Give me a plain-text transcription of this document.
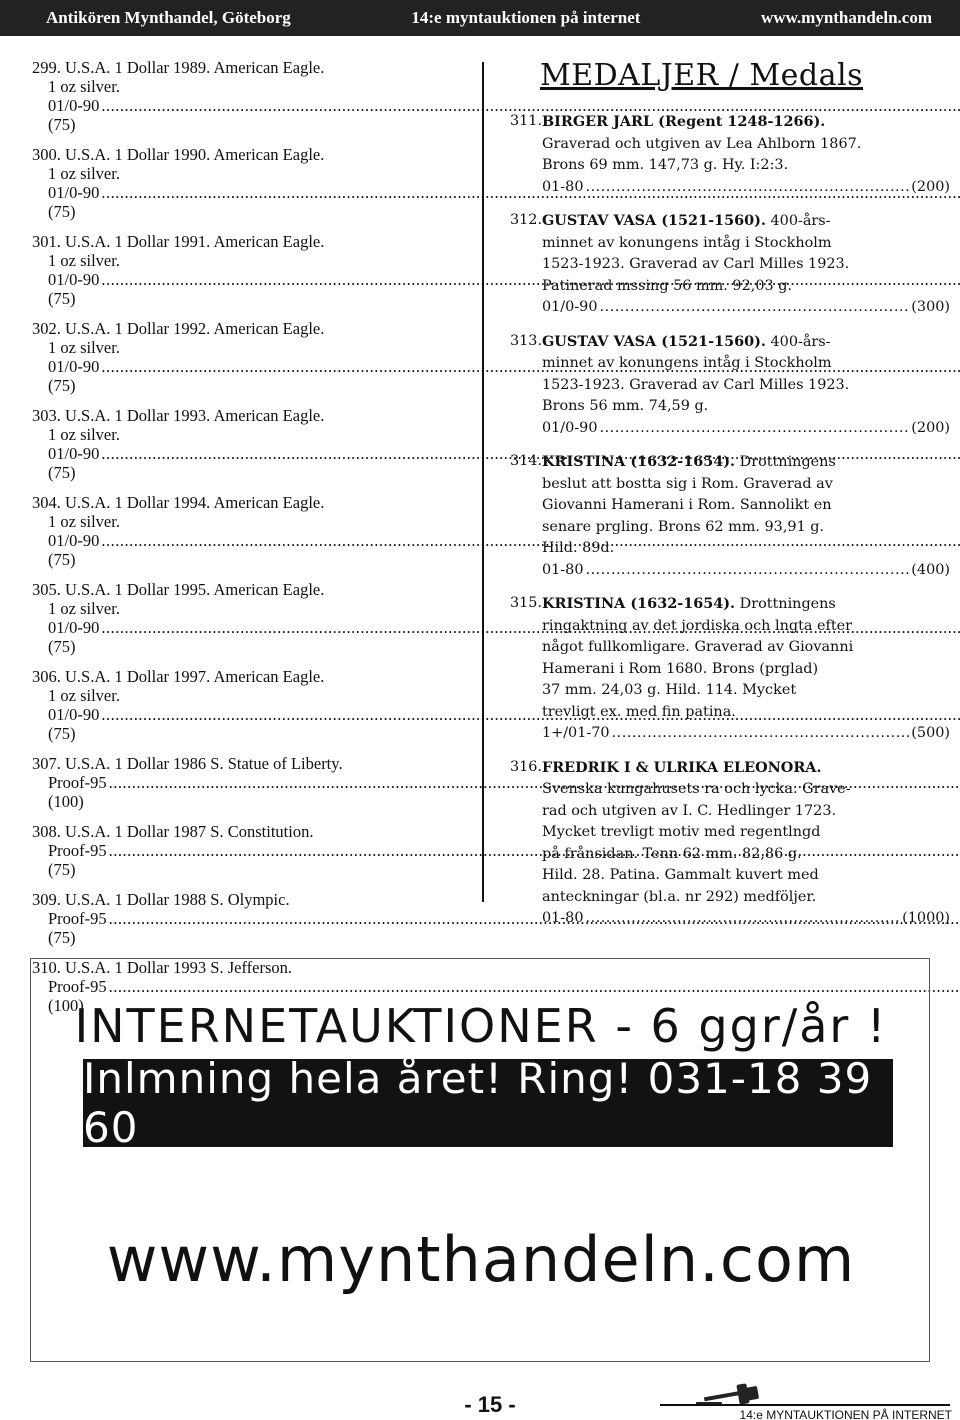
Antikören Mynthandel, Göteborg	14:e myntauktionen på internet	www.mynthandeln.com
299. U.S.A. 1 Dollar 1989. American Eagle.
1 oz silver.
01/0-90..... (75)
300. U.S.A. 1 Dollar 1990. American Eagle.
1 oz silver.
01/0-90..... (75)
301. U.S.A. 1 Dollar 1991. American Eagle.
1 oz silver.
01/0-90..... (75)
302. U.S.A. 1 Dollar 1992. American Eagle.
1 oz silver.
01/0-90..... (75)
303. U.S.A. 1 Dollar 1993. American Eagle.
1 oz silver.
01/0-90..... (75)
304. U.S.A. 1 Dollar 1994. American Eagle.
1 oz silver.
01/0-90..... (75)
305. U.S.A. 1 Dollar 1995. American Eagle.
1 oz silver.
01/0-90..... (75)
306. U.S.A. 1 Dollar 1997. American Eagle.
1 oz silver.
01/0-90..... (75)
307. U.S.A. 1 Dollar 1986 S. Statue of Liberty.
Proof-95..... (100)
308. U.S.A. 1 Dollar 1987 S. Constitution.
Proof-95..... (75)
309. U.S.A. 1 Dollar 1988 S. Olympic.
Proof-95..... (75)
310. U.S.A. 1 Dollar 1993 S. Jefferson.
Proof-95..... (100)
MEDALJER / Medals
311. BIRGER JARL (Regent 1248-1266).
Graverad och utgiven av Lea Ahlborn 1867.
Brons 69 mm. 147,73 g. Hy. I:2:3.
01-80 .....	(200)
312. GUSTAV VASA (1521-1560). 400-års-
minnet av konungens intåg i Stockholm
1523-1923. Graverad av Carl Milles 1923.
Patinerad mssing 56 mm. 92,03 g.
01/0-90 .....	(300)
313. GUSTAV VASA (1521-1560). 400-års-
minnet av konungens intåg i Stockholm
1523-1923. Graverad av Carl Milles 1923.
Brons 56 mm. 74,59 g.
01/0-90 .....	(200)
314. KRISTINA (1632-1654). Drottningens
beslut att bostta sig i Rom. Graverad av
Giovanni Hamerani i Rom. Sannolikt en
senare prgling. Brons 62 mm. 93,91 g.
Hild. 89d.
01-80 .....	(400)
315. KRISTINA (1632-1654). Drottningens
ringaktning av det jordiska och lngta efter
något fullkomligare. Graverad av Giovanni
Hamerani i Rom 1680. Brons (prglad)
37 mm. 24,03 g. Hild. 114. Mycket
trevligt ex. med fin patina.
1+/01-70 .....	(500)
316. FREDRIK I & ULRIKA ELEONORA.
Svenska kungahusets ra och lycka. Grave-
rad och utgiven av I. C. Hedlinger 1723.
Mycket trevligt motiv med regentlngd
på frånsidan. Tenn 62 mm. 82,86 g.
Hild. 28. Patina. Gammalt kuvert med
anteckningar (bl.a. nr 292) medföljer.
01-80 .....	(1000)
INTERNETAUKTIONER - 6 ggr/år !
Inlmning hela året! Ring! 031-18 39 60
www.mynthandeln.com
- 15 -	14:e MYNTAUKTIONEN PÅ INTERNET
